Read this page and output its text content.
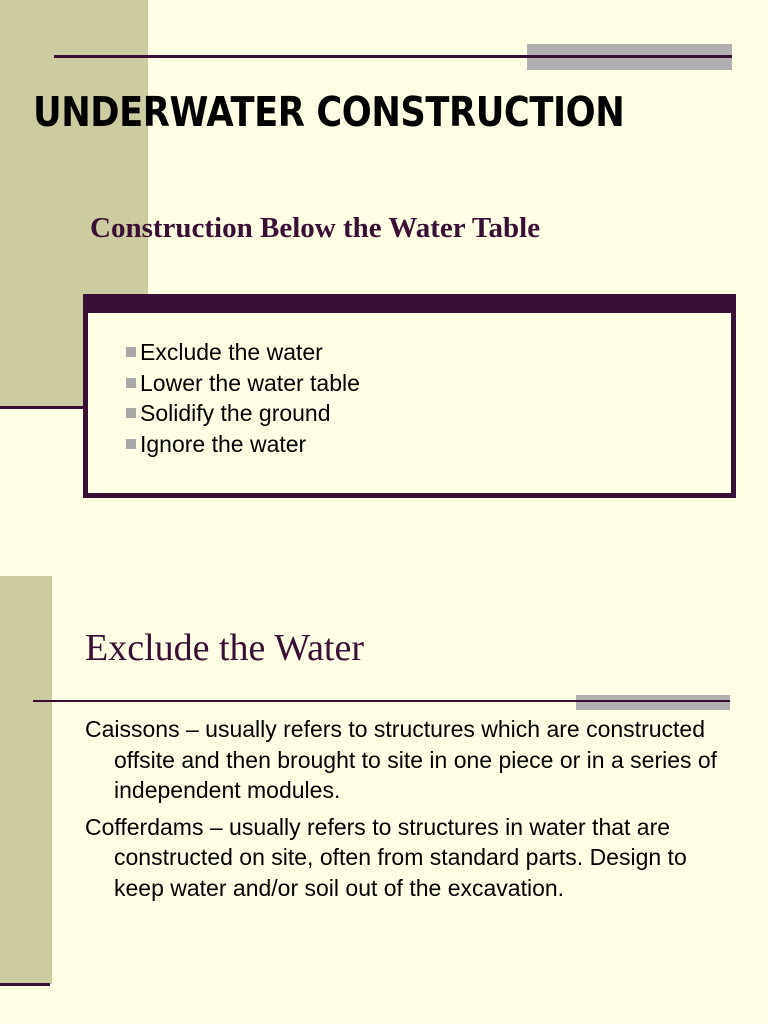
UNDERWATER CONSTRUCTION

Construction Below the Water Table

Exclude the water
Lower the water table
Solidify the ground
Ignore the water
Exclude the Water

Caissons – usually refers to structures which are constructed offsite and then brought to site in one piece or in a series of independent modules.

Cofferdams – usually refers to structures in water that are constructed on site, often from standard parts. Design to keep water and/or soil out of the excavation.
